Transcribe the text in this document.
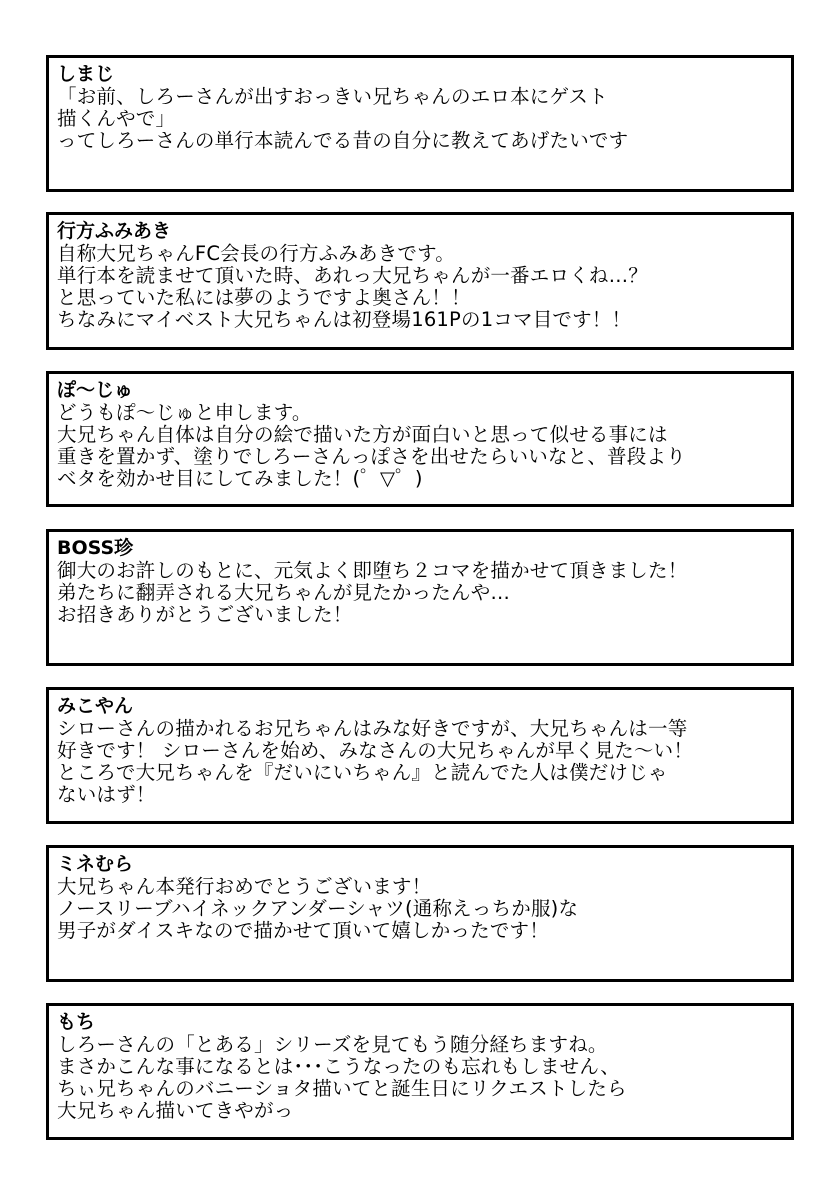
しまじ
「お前、しろーさんが出すおっきい兄ちゃんのエロ本にゲスト
描くんやで」
ってしろーさんの単行本読んでる昔の自分に教えてあげたいです
行方ふみあき
自称大兄ちゃんFC会長の行方ふみあきです。
単行本を読ませて頂いた時、あれっ大兄ちゃんが一番エロくね…？
と思っていた私には夢のようですよ奥さん！！
ちなみにマイベスト大兄ちゃんは初登場161Pの1コマ目です！！
ぽ～じゅ
どうもぽ～じゅと申します。
大兄ちゃん自体は自分の絵で描いた方が面白いと思って似せる事には
重きを置かず、塗りでしろーさんっぽさを出せたらいいなと、普段より
ベタを効かせ目にしてみました！(゜▽゜)
BOSS珍
御大のお許しのもとに、元気よく即堕ち２コマを描かせて頂きました！
弟たちに翻弄される大兄ちゃんが見たかったんや…
お招きありがとうございました！
みこやん
シローさんの描かれるお兄ちゃんはみな好きですが、大兄ちゃんは一等
好きです！ シローさんを始め、みなさんの大兄ちゃんが早く見た～い！
ところで大兄ちゃんを『だいにいちゃん』と読んでた人は僕だけじゃ
ないはず！
ミネむら
大兄ちゃん本発行おめでとうございます！
ノースリーブハイネックアンダーシャツ(通称えっちか服)な
男子がダイスキなので描かせて頂いて嬉しかったです！
もち
しろーさんの「とある」シリーズを見てもう随分経ちますね。
まさかこんな事になるとは･･･こうなったのも忘れもしません、
ちぃ兄ちゃんのバニーショタ描いてと誕生日にリクエストしたら
大兄ちゃん描いてきやがっ
